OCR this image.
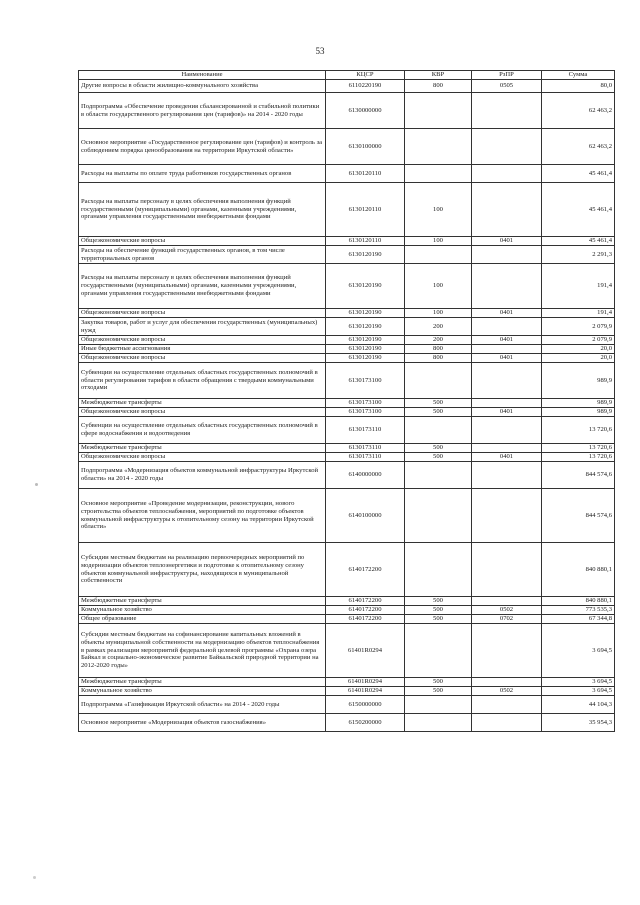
53
Наименование	КЦСР	КВР	РзПР	Сумма
Другие вопросы в области жилищно-коммунального хозяйства	6110220190	800	0505	80,0
Подпрограмма «Обеспечение проведения сбалансированной и стабильной политики в области государственного регулирования цен (тарифов)» на 2014 - 2020 годы	6130000000			62 463,2
Основное мероприятие «Государственное регулирование цен (тарифов) и контроль за соблюдением порядка ценообразования на территории Иркутской области»	6130100000			62 463,2
Расходы на выплаты по оплате труда работников государственных органов	6130120110			45 461,4
Расходы на выплаты персоналу в целях обеспечения выполнения функций государственными (муниципальными) органами, казенными учреждениями, органами управления государственными внебюджетными фондами	6130120110	100		45 461,4
Общеэкономические вопросы	6130120110	100	0401	45 461,4
Расходы на обеспечение функций государственных органов, в том числе территориальных органов	6130120190			2 291,3
Расходы на выплаты персоналу в целях обеспечения выполнения функций государственными (муниципальными) органами, казенными учреждениями, органами управления государственными внебюджетными фондами	6130120190	100		191,4
Общеэкономические вопросы	6130120190	100	0401	191,4
Закупка товаров, работ и услуг для обеспечения государственных (муниципальных) нужд	6130120190	200		2 079,9
Общеэкономические вопросы	6130120190	200	0401	2 079,9
Иные бюджетные ассигнования	6130120190	800		20,0
Общеэкономические вопросы	6130120190	800	0401	20,0
Субвенции на осуществление отдельных областных государственных полномочий в области регулирования тарифов в области обращения с твердыми коммунальными отходами	6130173100			989,9
Межбюджетные трансферты	6130173100	500		989,9
Общеэкономические вопросы	6130173100	500	0401	989,9
Субвенции на осуществление отдельных областных государственных полномочий в сфере водоснабжения и водоотведения	6130173110			13 720,6
Межбюджетные трансферты	6130173110	500		13 720,6
Общеэкономические вопросы	6130173110	500	0401	13 720,6
Подпрограмма «Модернизация объектов коммунальной инфраструктуры Иркутской области» на 2014 - 2020 годы	6140000000			844 574,6
Основное мероприятие «Проведение модернизации, реконструкции, нового строительства объектов теплоснабжения, мероприятий по подготовке объектов коммунальной инфраструктуры к отопительному сезону на территории Иркутской области»	6140100000			844 574,6
Субсидии местным бюджетам на реализацию первоочередных мероприятий по модернизации объектов теплоэнергетики и подготовке к отопительному сезону объектов коммунальной инфраструктуры, находящихся в муниципальной собственности	6140172200			840 880,1
Межбюджетные трансферты	6140172200	500		840 880,1
Коммунальное хозяйство	6140172200	500	0502	773 535,3
Общее образование	6140172200	500	0702	67 344,8
Субсидии местным бюджетам на софинансирование капитальных вложений в объекты муниципальной собственности на модернизацию объектов теплоснабжения в рамках реализации мероприятий федеральной целевой программы «Охрана озера Байкал и социально-экономическое развитие Байкальской природной территории на 2012-2020 годы»	61401R0294			3 694,5
Межбюджетные трансферты	61401R0294	500		3 694,5
Коммунальное хозяйство	61401R0294	500	0502	3 694,5
Подпрограмма «Газификация Иркутской области» на 2014 - 2020 годы	6150000000			44 104,3
Основное мероприятие «Модернизация объектов газоснабжения»	6150200000			35 954,3
